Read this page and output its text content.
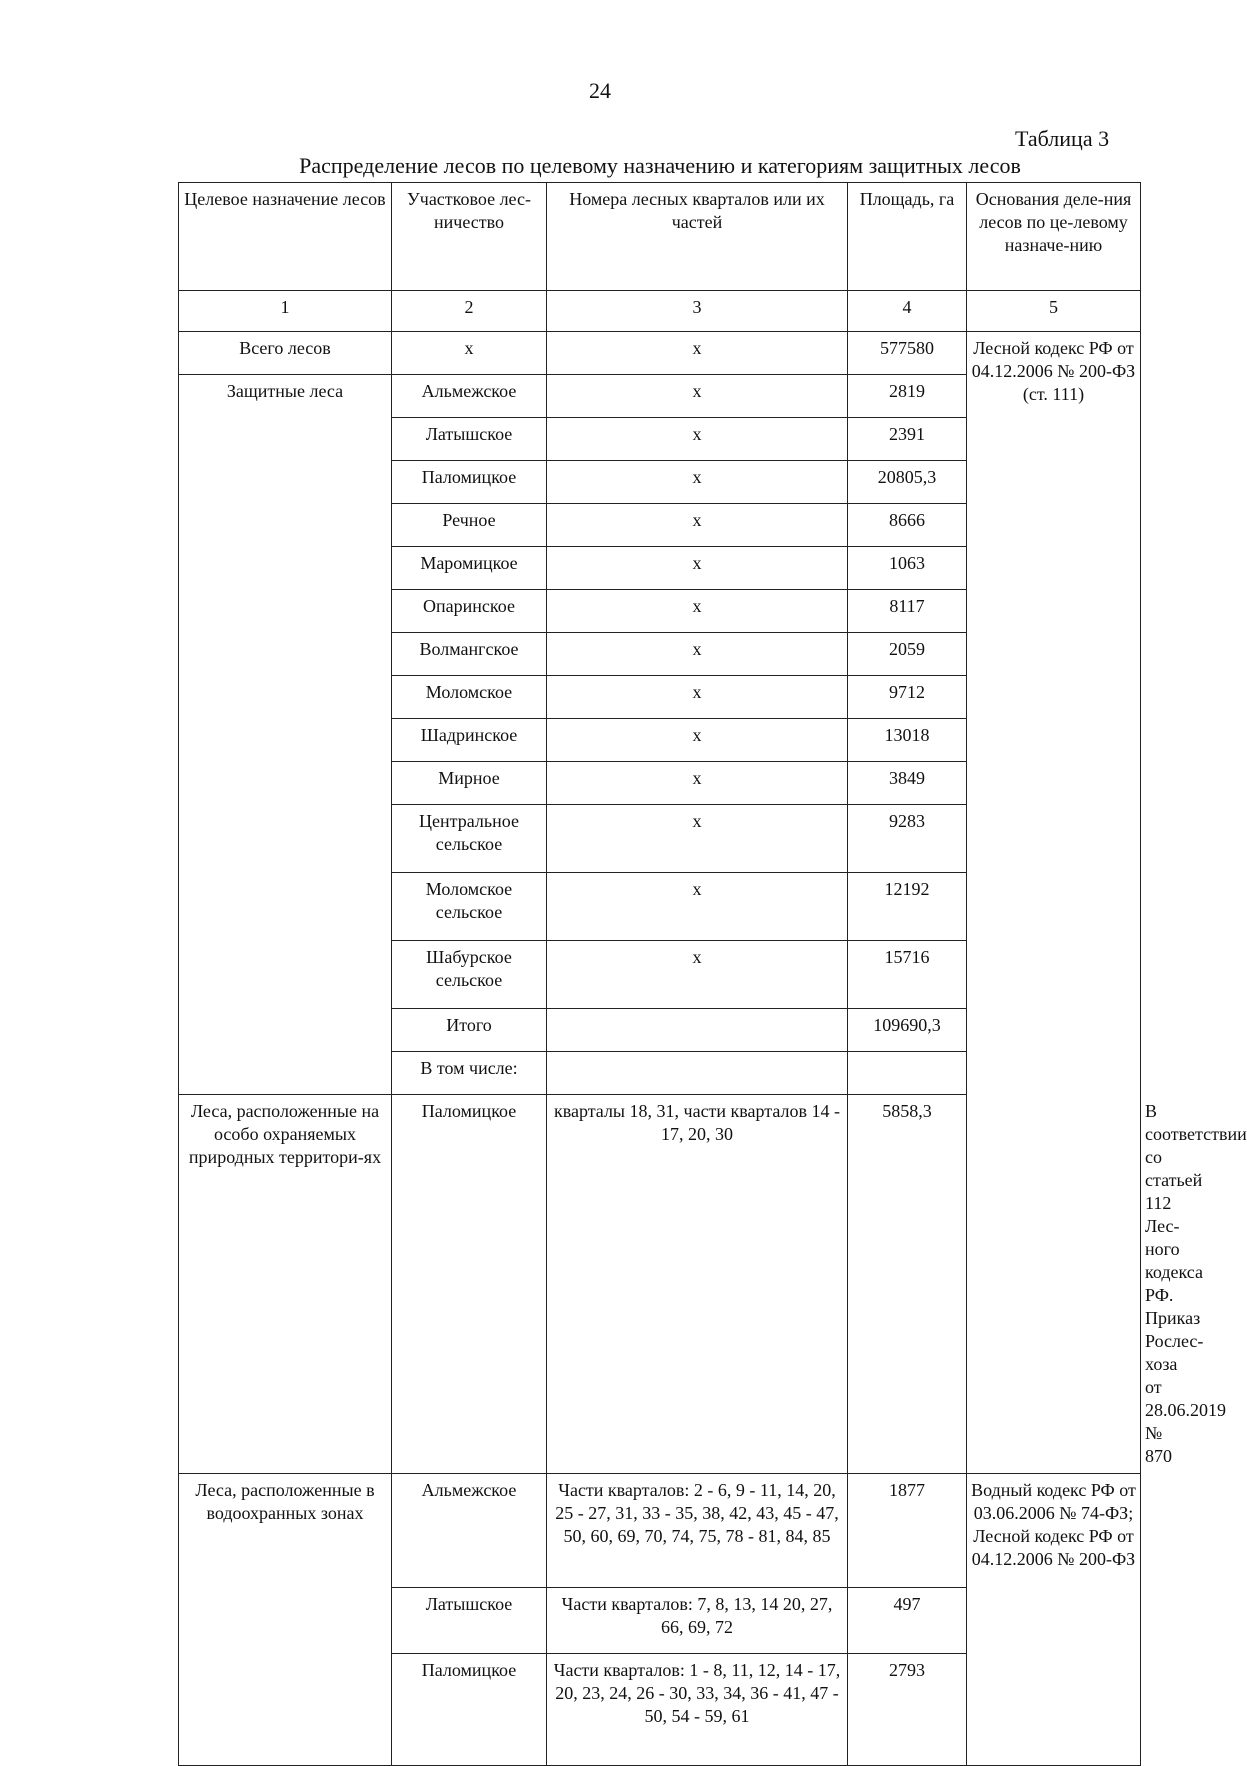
24
Таблица 3
Распределение лесов по целевому назначению и категориям защитных лесов
Целевое назначение лесов	Участковое лес-ничество	Номера лесных кварталов или их частей	Площадь, га	Основания деле-ния лесов по це-левому назначе-нию	
1	2	3	4	5	
Всего лесов	х	х	577580	Лесной кодекс РФ от 04.12.2006 № 200-ФЗ (ст. 111)	
Защитные леса	Альмежское	х	2819		
	Латышское	х	2391		
	Паломицкое	х	20805,3		
	Речное	х	8666		
	Маромицкое	х	1063		
	Опаринское	х	8117		
	Волмангское	х	2059		
	Моломское	х	9712		
	Шадринское	х	13018		
	Мирное	х	3849		
	Центральное сельское	х	9283		
	Моломское сельское	х	12192		
	Шабурское сельское	х	15716		
	Итого		109690,3		
	В том числе:				
Леса, расположенные на особо охраняемых природных территори-ях	Паломицкое	кварталы 18, 31, части кварталов 14 - 17, 20, 30	5858,3		В соответствии со статьей 112 Лес-ного кодекса РФ. Приказ Рослес-хоза от 28.06.2019 № 870
Леса, расположенные в водоохранных зонах	Альмежское	Части кварталов: 2 - 6, 9 - 11, 14, 20, 25 - 27, 31, 33 - 35, 38, 42, 43, 45 - 47, 50, 60, 69, 70, 74, 75, 78 - 81, 84, 85	1877	Водный кодекс РФ от 03.06.2006 № 74-ФЗ; Лесной кодекс РФ от 04.12.2006 № 200-ФЗ	
	Латышское	Части кварталов: 7, 8, 13, 14 20, 27, 66, 69, 72	497		
	Паломицкое	Части кварталов: 1 - 8, 11, 12, 14 - 17, 20, 23, 24, 26 - 30, 33, 34, 36 - 41, 47 - 50, 54 - 59, 61	2793		
